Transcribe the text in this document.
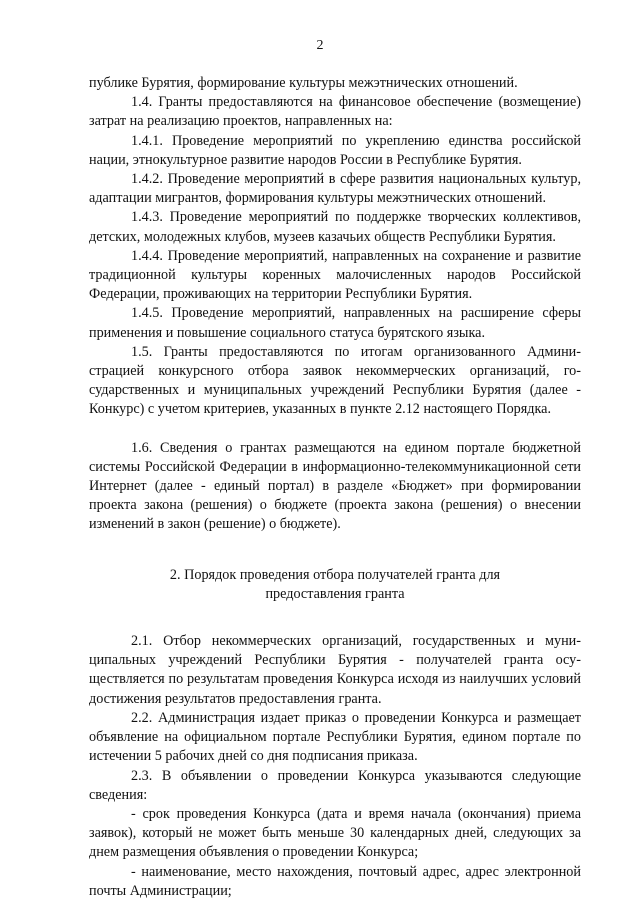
2

публике Бурятия, формирование культуры межэтнических отношений.

1.4. Гранты предоставляются на финансовое обеспечение (возмещение) затрат на реализацию проектов, направленных на:

1.4.1. Проведение мероприятий по укреплению единства российской нации, этнокультурное развитие народов России в Республике Бурятия.

1.4.2. Проведение мероприятий в сфере развития национальных культур, адаптации мигрантов, формирования культуры межэтнических отношений.

1.4.3. Проведение мероприятий по поддержке творческих коллективов, детских, молодежных клубов, музеев казачьих обществ Республики Бурятия.

1.4.4. Проведение мероприятий, направленных на сохранение и развитие традиционной культуры коренных малочисленных народов Российской Федерации, проживающих на территории Республики Бурятия.

1.4.5. Проведение мероприятий, направленных на расширение сферы применения и повышение социального статуса бурятского языка.

1.5. Гранты предоставляются по итогам организованного Администрацией конкурсного отбора заявок некоммерческих организаций, государственных и муниципальных учреждений Республики Бурятия (далее - Конкурс) с учетом критериев, указанных в пункте 2.12 настоящего Порядка.

1.6. Сведения о грантах размещаются на едином портале бюджетной системы Российской Федерации в информационно-телекоммуникационной сети Интернет (далее - единый портал) в разделе «Бюджет» при формировании проекта закона (решения) о бюджете (проекта закона (решения) о внесении изменений в закон (решение) о бюджете).

2. Порядок проведения отбора получателей гранта для
предоставления гранта

2.1. Отбор некоммерческих организаций, государственных и муниципальных учреждений Республики Бурятия - получателей гранта осуществляется по результатам проведения Конкурса исходя из наилучших условий достижения результатов предоставления гранта.

2.2. Администрация издает приказ о проведении Конкурса и размещает объявление на официальном портале Республики Бурятия, едином портале по истечении 5 рабочих дней со дня подписания приказа.

2.3. В объявлении о проведении Конкурса указываются следующие сведения:

- срок проведения Конкурса (дата и время начала (окончания) приема заявок), который не может быть меньше 30 календарных дней, следующих за днем размещения объявления о проведении Конкурса;

- наименование, место нахождения, почтовый адрес, адрес электронной почты Администрации;
